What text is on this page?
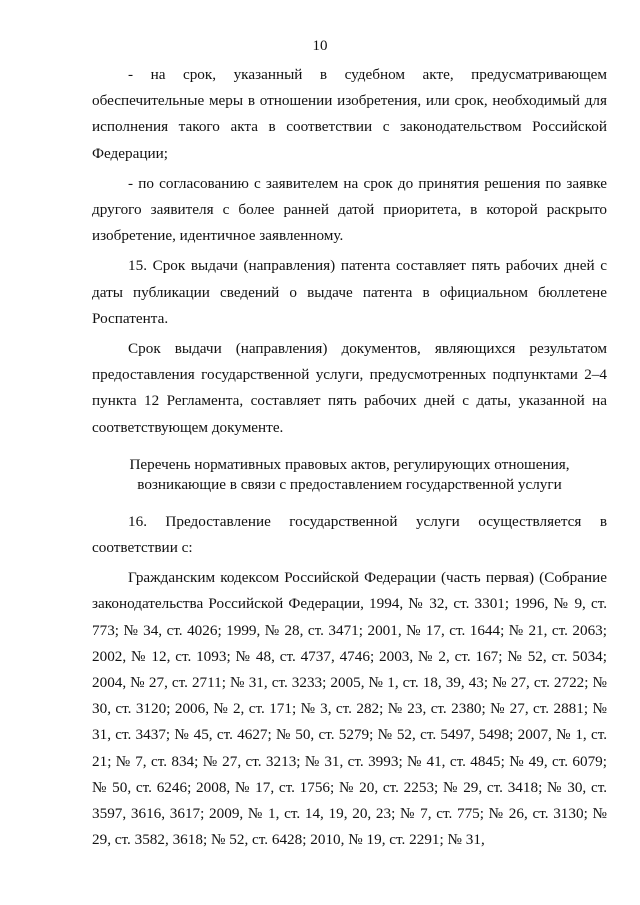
10

- на срок, указанный в судебном акте, предусматривающем обеспечительные меры в отношении изобретения, или срок, необходимый для исполнения такого акта в соответствии с законодательством Российской Федерации;

- по согласованию с заявителем на срок до принятия решения по заявке другого заявителя с более ранней датой приоритета, в которой раскрыто изобретение, идентичное заявленному.

15. Срок выдачи (направления) патента составляет пять рабочих дней с даты публикации сведений о выдаче патента в официальном бюллетене Роспатента.

Срок выдачи (направления) документов, являющихся результатом предоставления государственной услуги, предусмотренных подпунктами 2–4 пункта 12 Регламента, составляет пять рабочих дней с даты, указанной на соответствующем документе.

Перечень нормативных правовых актов, регулирующих отношения, возникающие в связи с предоставлением государственной услуги

16. Предоставление государственной услуги осуществляется в соответствии с:

Гражданским кодексом Российской Федерации (часть первая) (Собрание законодательства Российской Федерации, 1994, № 32, ст. 3301; 1996, № 9, ст. 773; № 34, ст. 4026; 1999, № 28, ст. 3471; 2001, № 17, ст. 1644; № 21, ст. 2063; 2002, № 12, ст. 1093; № 48, ст. 4737, 4746; 2003, № 2, ст. 167; № 52, ст. 5034; 2004, № 27, ст. 2711; № 31, ст. 3233; 2005, № 1, ст. 18, 39, 43; № 27, ст. 2722; № 30, ст. 3120; 2006, № 2, ст. 171; № 3, ст. 282; № 23, ст. 2380; № 27, ст. 2881; № 31, ст. 3437; № 45, ст. 4627; № 50, ст. 5279; № 52, ст. 5497, 5498; 2007, № 1, ст. 21; № 7, ст. 834; № 27, ст. 3213; № 31, ст. 3993; № 41, ст. 4845; № 49, ст. 6079; № 50, ст. 6246; 2008, № 17, ст. 1756; № 20, ст. 2253; № 29, ст. 3418; № 30, ст. 3597, 3616, 3617; 2009, № 1, ст. 14, 19, 20, 23; № 7, ст. 775; № 26, ст. 3130; № 29, ст. 3582, 3618; № 52, ст. 6428; 2010, № 19, ст. 2291; № 31,
